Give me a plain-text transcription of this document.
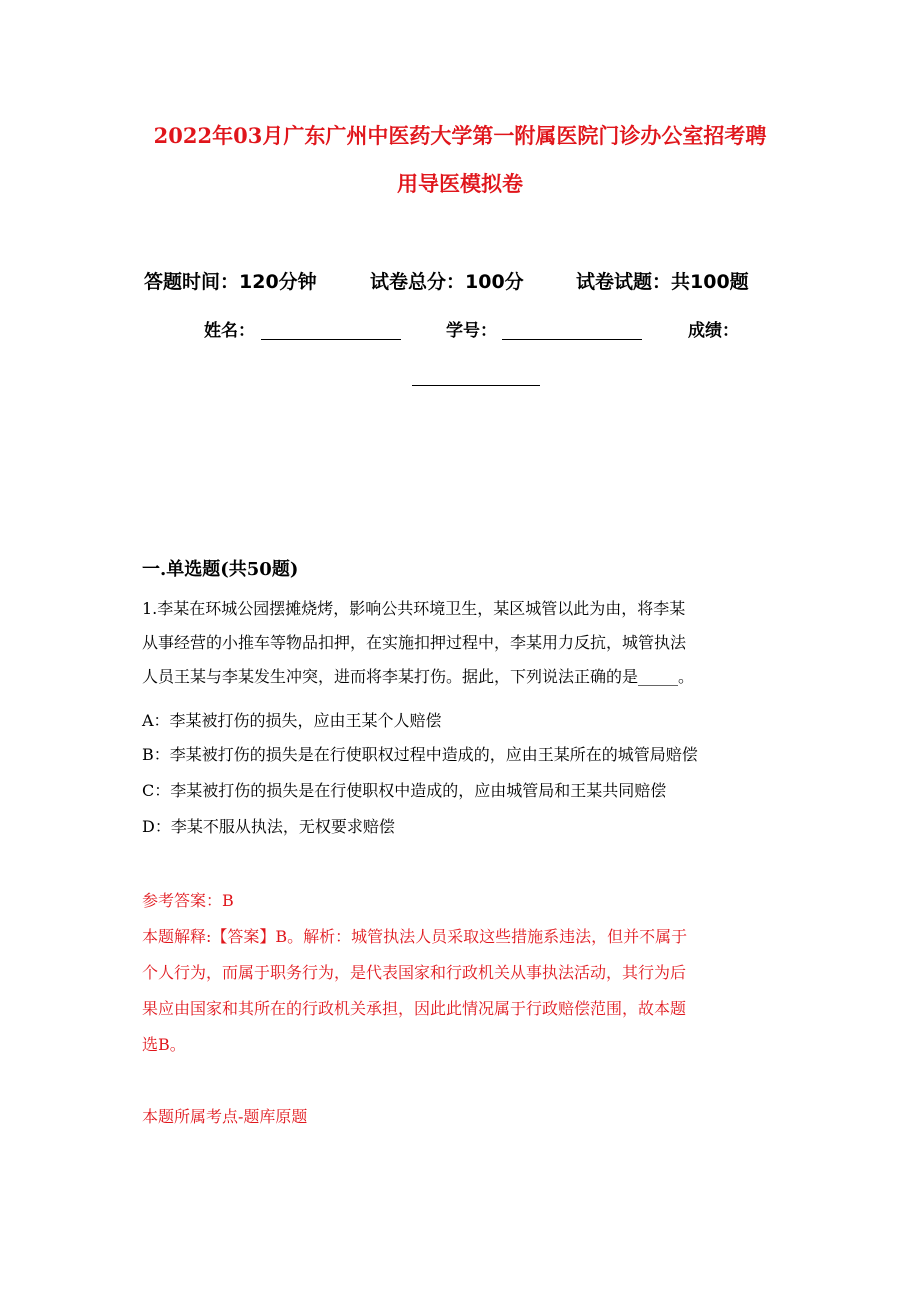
2022年03月广东广州中医药大学第一附属医院门诊办公室招考聘
用导医模拟卷
答题时间：120分钟	试卷总分：100分	试卷试题：共100题
姓名：	学号：	成绩：
一.单选题(共50题)
1.李某在环城公园摆摊烧烤，影响公共环境卫生，某区城管以此为由，将李某
从事经营的小推车等物品扣押，在实施扣押过程中，李某用力反抗，城管执法
人员王某与李某发生冲突，进而将李某打伤。据此，下列说法正确的是_____。
A：李某被打伤的损失，应由王某个人赔偿
B：李某被打伤的损失是在行使职权过程中造成的，应由王某所在的城管局赔偿
C：李某被打伤的损失是在行使职权中造成的，应由城管局和王某共同赔偿
D：李某不服从执法，无权要求赔偿
参考答案：B
本题解释:【答案】B。解析：城管执法人员采取这些措施系违法，但并不属于
个人行为，而属于职务行为，是代表国家和行政机关从事执法活动，其行为后
果应由国家和其所在的行政机关承担，因此此情况属于行政赔偿范围，故本题
选B。
本题所属考点-题库原题
